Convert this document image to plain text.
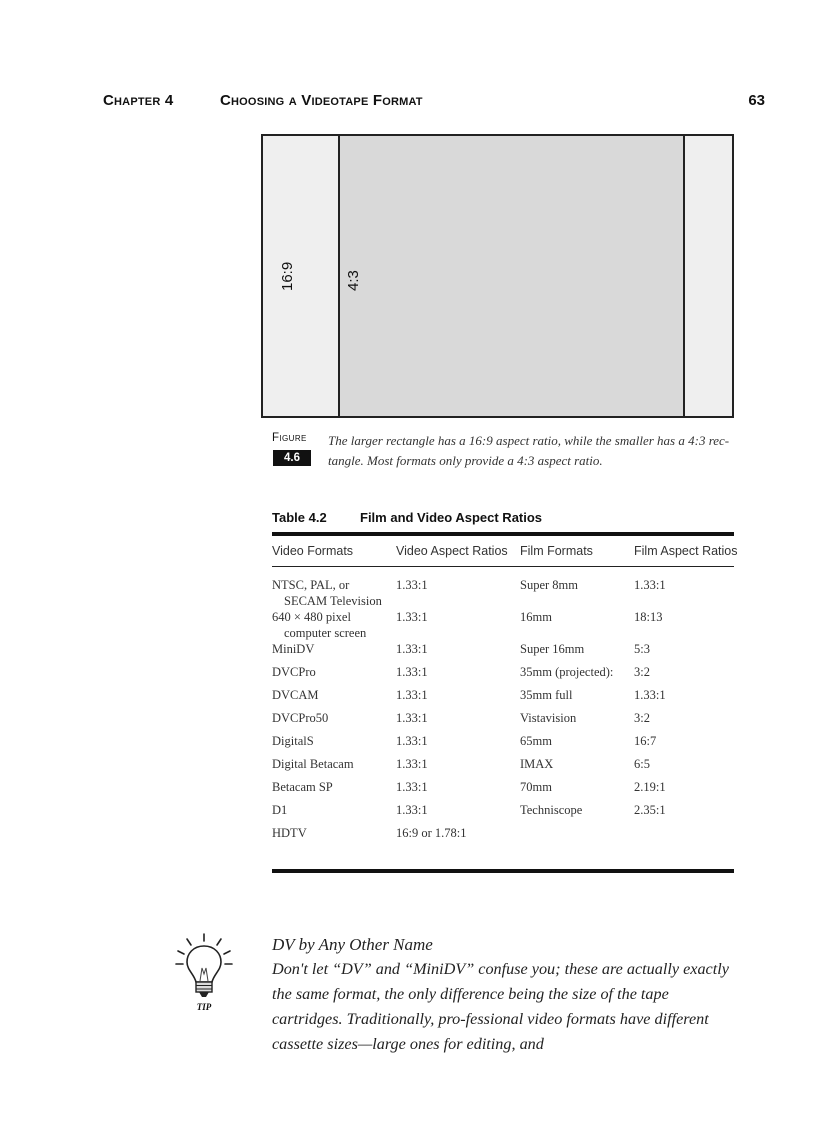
Chapter 4	Choosing a Videotape Format	63
16:9	4:3
Figure
4.6
The larger rectangle has a 16:9 aspect ratio, while the smaller has a 4:3 rec-tangle. Most formats only provide a 4:3 aspect ratio.
Table 4.2	Film and Video Aspect Ratios
Video Formats	Video Aspect Ratios	Film Formats	Film Aspect Ratios
NTSC, PAL, or
SECAM Television	1.33:1	Super 8mm	1.33:1
640 × 480 pixel
computer screen	1.33:1	16mm	18:13
MiniDV	1.33:1	Super 16mm	5:3
DVCPro	1.33:1	35mm (projected):	3:2
DVCAM	1.33:1	35mm full	1.33:1
DVCPro50	1.33:1	Vistavision	3:2
DigitalS	1.33:1	65mm	16:7
Digital Betacam	1.33:1	IMAX	6:5
Betacam SP	1.33:1	70mm	2.19:1
D1	1.33:1	Techniscope	2.35:1
HDTV	16:9 or 1.78:1		
TIP
DV by Any Other Name
Don't let “DV” and “MiniDV” confuse you; these are actually exactly the same format, the only difference being the size of the tape cartridges. Traditionally, pro-fessional video formats have different cassette sizes—large ones for editing, and
